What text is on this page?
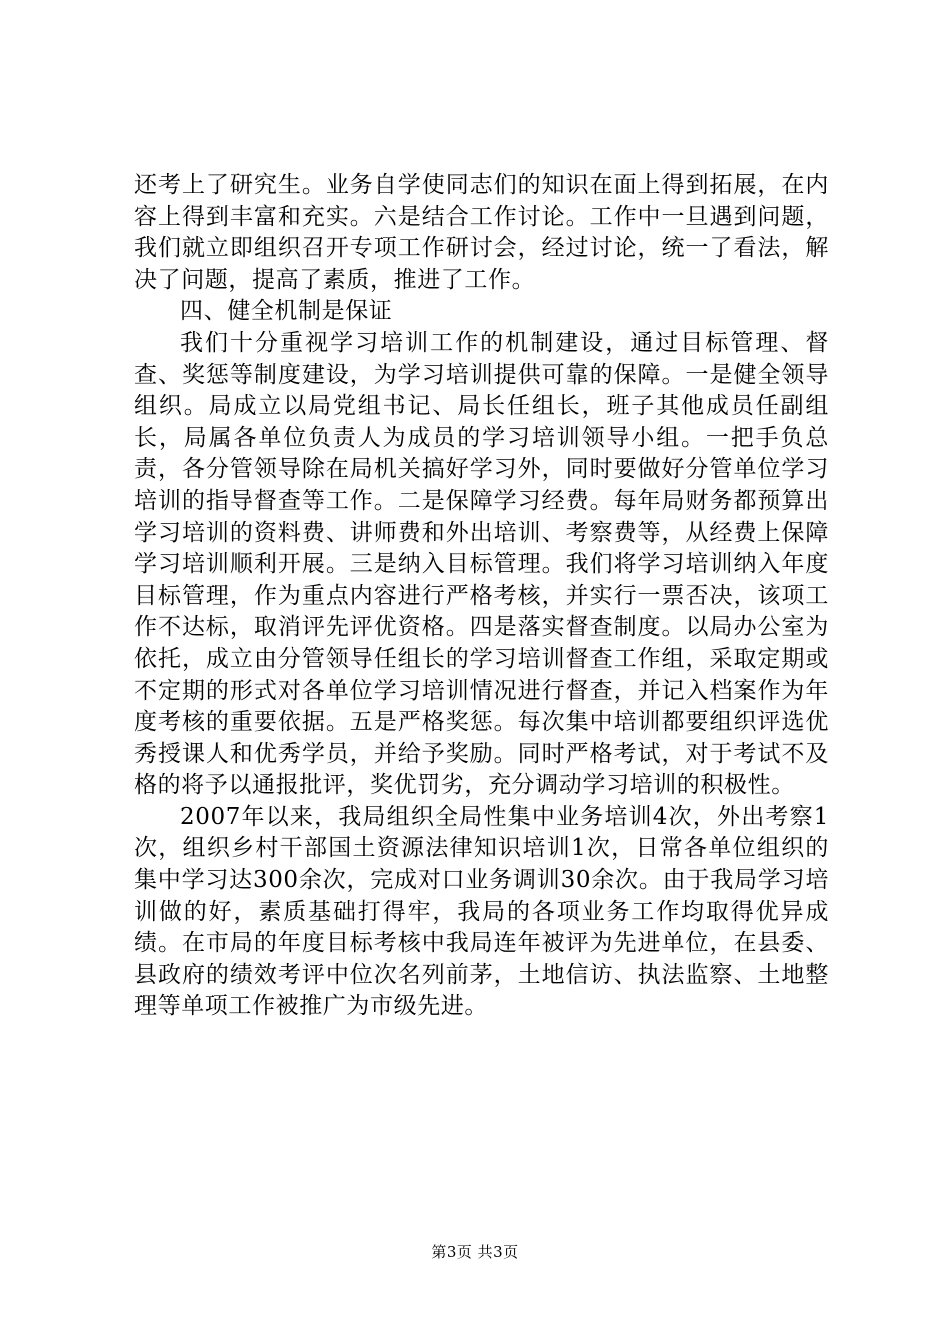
还考上了研究生。业务自学使同志们的知识在面上得到拓展，在内容上得到丰富和充实。六是结合工作讨论。工作中一旦遇到问题，我们就立即组织召开专项工作研讨会，经过讨论，统一了看法，解决了问题，提高了素质，推进了工作。

四、健全机制是保证

我们十分重视学习培训工作的机制建设，通过目标管理、督查、奖惩等制度建设，为学习培训提供可靠的保障。一是健全领导组织。局成立以局党组书记、局长任组长，班子其他成员任副组长，局属各单位负责人为成员的学习培训领导小组。一把手负总责，各分管领导除在局机关搞好学习外，同时要做好分管单位学习培训的指导督查等工作。二是保障学习经费。每年局财务都预算出学习培训的资料费、讲师费和外出培训、考察费等，从经费上保障学习培训顺利开展。三是纳入目标管理。我们将学习培训纳入年度目标管理，作为重点内容进行严格考核，并实行一票否决，该项工作不达标，取消评先评优资格。四是落实督查制度。以局办公室为依托，成立由分管领导任组长的学习培训督查工作组，采取定期或不定期的形式对各单位学习培训情况进行督查，并记入档案作为年度考核的重要依据。五是严格奖惩。每次集中培训都要组织评选优秀授课人和优秀学员，并给予奖励。同时严格考试，对于考试不及格的将予以通报批评，奖优罚劣，充分调动学习培训的积极性。

2007年以来，我局组织全局性集中业务培训4次，外出考察1次，组织乡村干部国土资源法律知识培训1次，日常各单位组织的集中学习达300余次，完成对口业务调训30余次。由于我局学习培训做的好，素质基础打得牢，我局的各项业务工作均取得优异成绩。在市局的年度目标考核中我局连年被评为先进单位，在县委、县政府的绩效考评中位次名列前茅，土地信访、执法监察、土地整理等单项工作被推广为市级先进。

第3页 共3页
